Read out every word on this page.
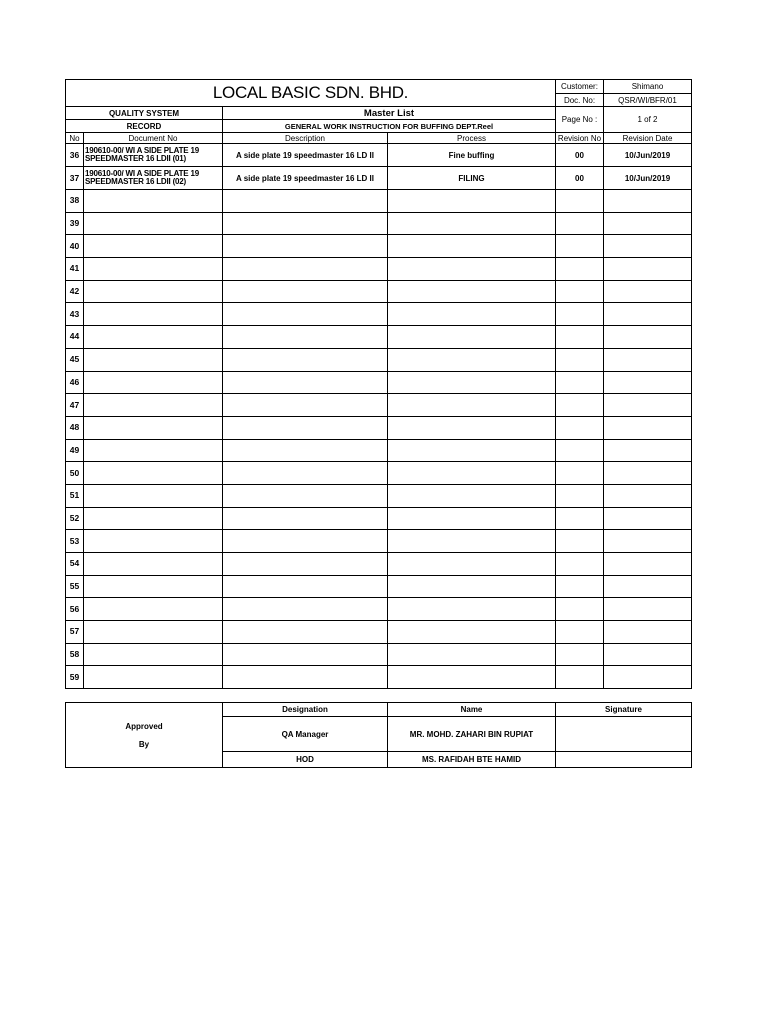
LOCAL BASIC SDN. BHD.				Customer:	Shimano
				Doc. No:	QSR/WI/BFR/01
QUALITY SYSTEM		Master List		Page No :	1 of 2
RECORD		GENERAL WORK INSTRUCTION FOR BUFFING DEPT.Reel			
No	Document No	Description	Process	Revision No	Revision Date
36	190610-00/ WI A SIDE PLATE 19
SPEEDMASTER 16 LDII (01)	A side plate 19 speedmaster 16 LD II	Fine buffing	00	10/Jun/2019
37	190610-00/ WI A SIDE PLATE 19
SPEEDMASTER 16 LDII (02)	A side plate 19 speedmaster 16 LD II	FILING	00	10/Jun/2019
38					
39					
40					
41					
42					
43					
44					
45					
46					
47					
48					
49					
50					
51					
52					
53					
54					
55					
56					
57					
58					
59					
Approved
By	Designation	Name	Signature
	QA Manager	MR. MOHD. ZAHARI BIN RUPIAT	
	HOD	MS. RAFIDAH BTE HAMID	
